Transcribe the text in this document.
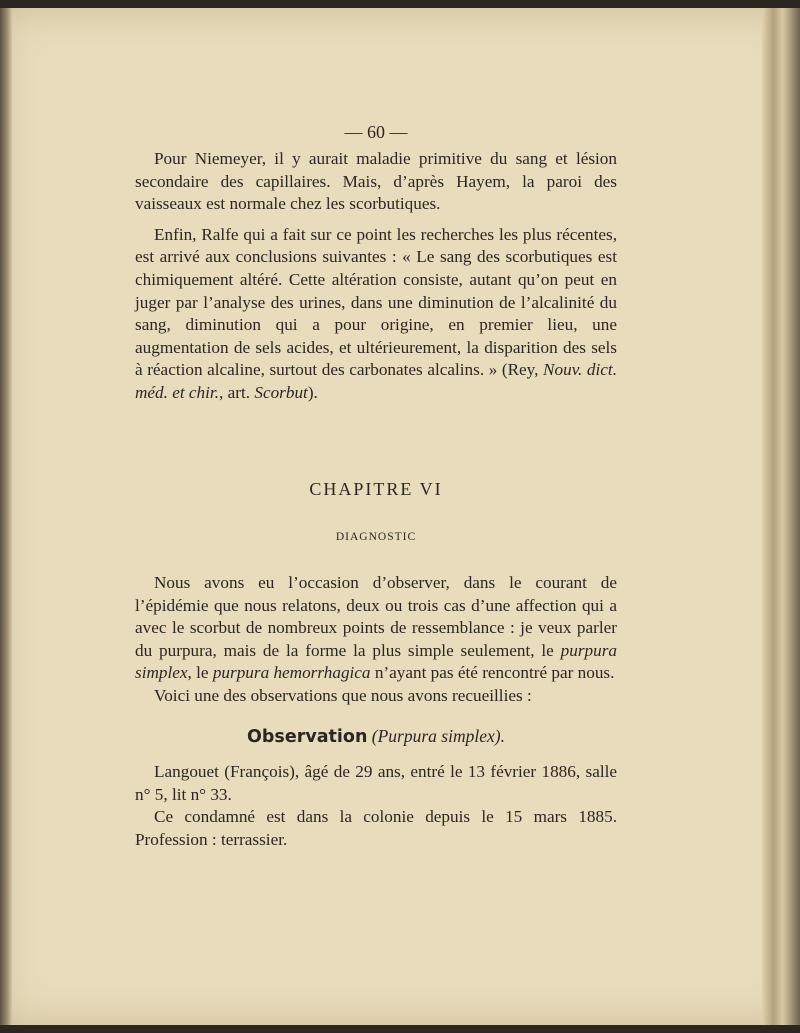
— 60 —

Pour Niemeyer, il y aurait maladie primitive du sang et lésion secondaire des capillaires. Mais, d’après Hayem, la paroi des vaisseaux est normale chez les scorbutiques.

Enfin, Ralfe qui a fait sur ce point les recherches les plus récentes, est arrivé aux conclusions suivantes : « Le sang des scorbutiques est chimiquement altéré. Cette altération consiste, autant qu’on peut en juger par l’analyse des urines, dans une diminution de l’alcalinité du sang, diminution qui a pour origine, en premier lieu, une augmentation de sels acides, et ultérieurement, la disparition des sels à réaction alcaline, surtout des carbonates alcalins. » (Rey, Nouv. dict. méd. et chir., art. Scorbut).

CHAPITRE VI
DIAGNOSTIC

Nous avons eu l’occasion d’observer, dans le courant de l’épidémie que nous relatons, deux ou trois cas d’une affection qui a avec le scorbut de nombreux points de ressemblance : je veux parler du purpura, mais de la forme la plus simple seulement, le purpura simplex, le purpura hemorrhagica n’ayant pas été rencontré par nous.

Voici une des observations que nous avons recueillies :

Observation (Purpura simplex).

Langouet (François), âgé de 29 ans, entré le 13 février 1886, salle n° 5, lit n° 33.

Ce condamné est dans la colonie depuis le 15 mars 1885. Profession : terrassier.
